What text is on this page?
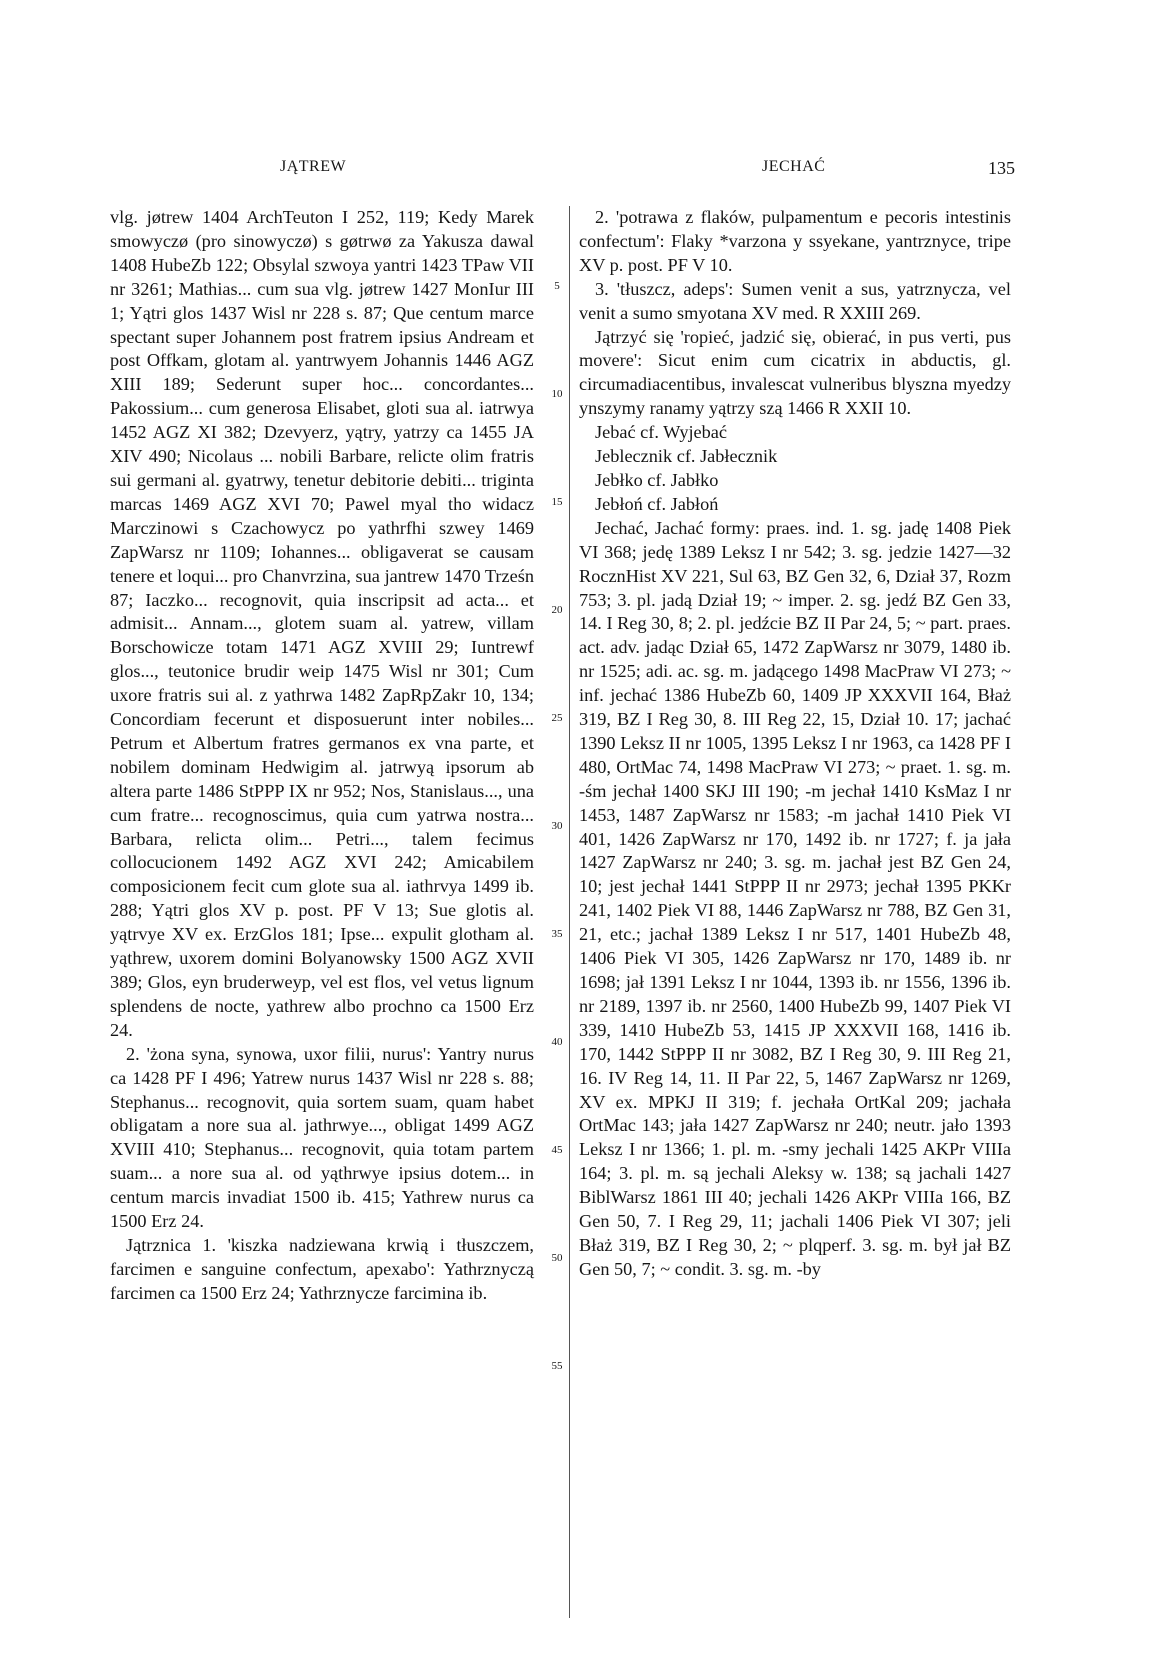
JĄTREW	JECHAĆ	135

vlg. jøtrew 1404 ArchTeuton I 252, 119; Kedy Marek smowyczø (pro sinowyczø) s gøtrwø za Yakusza dawal 1408 HubeZb 122; Obsylal szwoya yantri 1423 TPaw VII nr 3261; Mathias... cum sua vlg. jøtrew 1427 MonIur III 1; Yątri glos 1437 Wisl nr 228 s. 87; Que centum marce spectant super Johannem post fratrem ipsius Andream et post Offkam, glotam al. yantrwyem Johannis 1446 AGZ XIII 189; Sederunt super hoc... concordantes... Pakossium... cum generosa Elisabet, gloti sua al. iatrwya 1452 AGZ XI 382; Dzevyerz, yątry, yatrzy ca 1455 JA XIV 490; Nicolaus ... nobili Barbare, relicte olim fratris sui germani al. gyatrwy, tenetur debitorie debiti... triginta marcas 1469 AGZ XVI 70; Pawel myal tho widacz Marczinowi s Czachowycz po yathrfhi szwey 1469 ZapWarsz nr 1109; Iohannes... obligaverat se causam tenere et loqui... pro Chanvrzina, sua jantrew 1470 Trześn 87; Iaczko... recognovit, quia inscripsit ad acta... et admisit... Annam..., glotem suam al. yatrew, villam Borschowicze totam 1471 AGZ XVIII 29; Iuntrewf glos..., teutonice brudir weip 1475 Wisl nr 301; Cum uxore fratris sui al. z yathrwa 1482 ZapRpZakr 10, 134; Concordiam fecerunt et disposuerunt inter nobiles... Petrum et Albertum fratres germanos ex vna parte, et nobilem dominam Hedwigim al. jatrwyą ipsorum ab altera parte 1486 StPPP IX nr 952; Nos, Stanislaus..., una cum fratre... recognoscimus, quia cum yatrwa nostra... Barbara, relicta olim... Petri..., talem fecimus collocucionem 1492 AGZ XVI 242; Amicabilem composicionem fecit cum glote sua al. iathrvya 1499 ib. 288; Yątri glos XV p. post. PF V 13; Sue glotis al. yątrvye XV ex. ErzGlos 181; Ipse... expulit glotham al. yąthrew, uxorem domini Bolyanowsky 1500 AGZ XVII 389; Glos, eyn bruderweyp, vel est flos, vel vetus lignum splendens de nocte, yathrew albo prochno ca 1500 Erz 24.

2. 'żona syna, synowa, uxor filii, nurus': Yantry nurus ca 1428 PF I 496; Yatrew nurus 1437 Wisl nr 228 s. 88; Stephanus... recognovit, quia sortem suam, quam habet obligatam a nore sua al. jathrwye..., obligat 1499 AGZ XVIII 410; Stephanus... recognovit, quia totam partem suam... a nore sua al. od yąthrwye ipsius dotem... in centum marcis invadiat 1500 ib. 415; Yathrew nurus ca 1500 Erz 24.

Jątrznica 1. 'kiszka nadziewana krwią i tłuszczem, farcimen e sanguine confectum, apexabo': Yathrznyczą farcimen ca 1500 Erz 24; Yathrznycze farcimina ib.

5
10
15
20
25
30
35
40
45
50
55

2. 'potrawa z flaków, pulpamentum e pecoris intestinis confectum': Flaky *varzona y ssyekane, yantrznyce, tripe XV p. post. PF V 10.

3. 'tłuszcz, adeps': Sumen venit a sus, yatrznycza, vel venit a sumo smyotana XV med. R XXIII 269.

Jątrzyć się 'ropieć, jadzić się, obierać, in pus verti, pus movere': Sicut enim cum cicatrix in abductis, gl. circumadiacentibus, invalescat vulneribus blyszna myedzy ynszymy ranamy yątrzy szą 1466 R XXII 10.

Jebać cf. Wyjebać

Jeblecznik cf. Jabłecznik

Jebłko cf. Jabłko

Jebłoń cf. Jabłoń

Jechać, Jachać formy: praes. ind. 1. sg. jadę 1408 Piek VI 368; jedę 1389 Leksz I nr 542; 3. sg. jedzie 1427—32 RocznHist XV 221, Sul 63, BZ Gen 32, 6, Dział 37, Rozm 753; 3. pl. jadą Dział 19; ~ imper. 2. sg. jedź BZ Gen 33, 14. I Reg 30, 8; 2. pl. jedźcie BZ II Par 24, 5; ~ part. praes. act. adv. jadąc Dział 65, 1472 ZapWarsz nr 3079, 1480 ib. nr 1525; adi. ac. sg. m. jadącego 1498 MacPraw VI 273; ~ inf. jechać 1386 HubeZb 60, 1409 JP XXXVII 164, Błaż 319, BZ I Reg 30, 8. III Reg 22, 15, Dział 10. 17; jachać 1390 Leksz II nr 1005, 1395 Leksz I nr 1963, ca 1428 PF I 480, OrtMac 74, 1498 MacPraw VI 273; ~ praet. 1. sg. m. -śm jechał 1400 SKJ III 190; -m jechał 1410 KsMaz I nr 1453, 1487 ZapWarsz nr 1583; -m jachał 1410 Piek VI 401, 1426 ZapWarsz nr 170, 1492 ib. nr 1727; f. ja jała 1427 ZapWarsz nr 240; 3. sg. m. jachał jest BZ Gen 24, 10; jest jechał 1441 StPPP II nr 2973; jechał 1395 PKKr 241, 1402 Piek VI 88, 1446 ZapWarsz nr 788, BZ Gen 31, 21, etc.; jachał 1389 Leksz I nr 517, 1401 HubeZb 48, 1406 Piek VI 305, 1426 ZapWarsz nr 170, 1489 ib. nr 1698; jał 1391 Leksz I nr 1044, 1393 ib. nr 1556, 1396 ib. nr 2189, 1397 ib. nr 2560, 1400 HubeZb 99, 1407 Piek VI 339, 1410 HubeZb 53, 1415 JP XXXVII 168, 1416 ib. 170, 1442 StPPP II nr 3082, BZ I Reg 30, 9. III Reg 21, 16. IV Reg 14, 11. II Par 22, 5, 1467 ZapWarsz nr 1269, XV ex. MPKJ II 319; f. jechała OrtKal 209; jachała OrtMac 143; jała 1427 ZapWarsz nr 240; neutr. jało 1393 Leksz I nr 1366; 1. pl. m. -smy jechali 1425 AKPr VIIIa 164; 3. pl. m. są jechali Aleksy w. 138; są jachali 1427 BiblWarsz 1861 III 40; jechali 1426 AKPr VIIIa 166, BZ Gen 50, 7. I Reg 29, 11; jachali 1406 Piek VI 307; jeli Błaż 319, BZ I Reg 30, 2; ~ plqperf. 3. sg. m. był jał BZ Gen 50, 7; ~ condit. 3. sg. m. -by
